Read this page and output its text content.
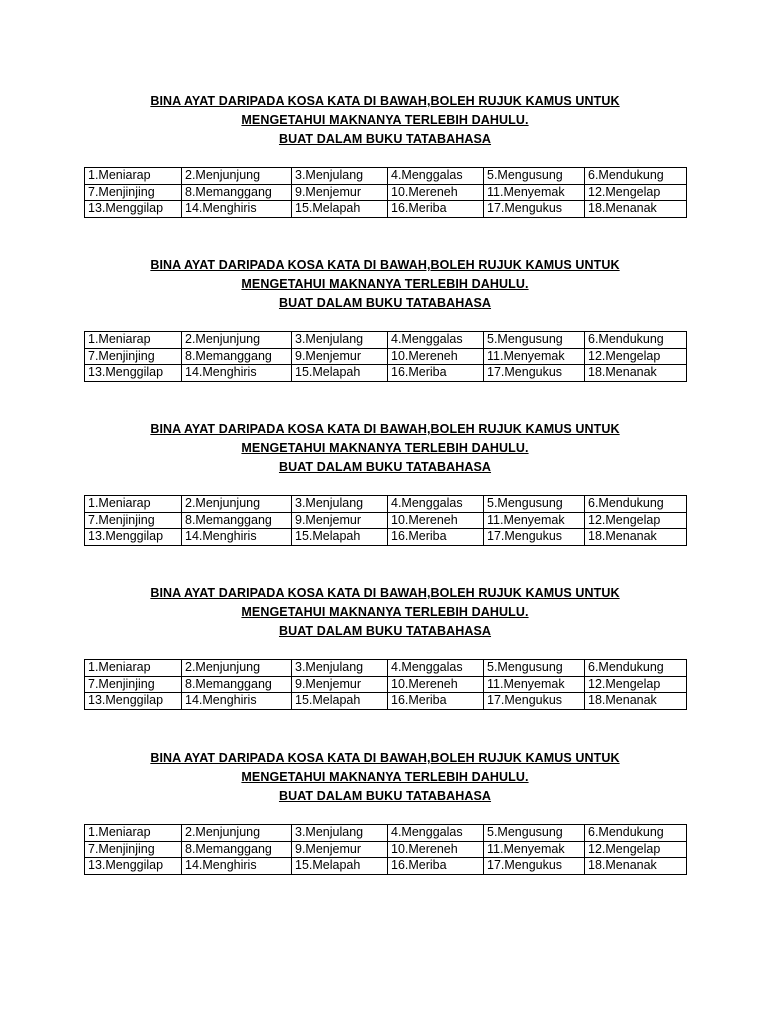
BINA AYAT DARIPADA KOSA KATA DI BAWAH,BOLEH RUJUK KAMUS UNTUK
MENGETAHUI MAKNANYA TERLEBIH DAHULU.
BUAT DALAM BUKU TATABAHASA
1.Meniarap	2.Menjunjung	3.Menjulang	4.Menggalas	5.Mengusung	6.Mendukung
7.Menjinjing	8.Memanggang	9.Menjemur	10.Mereneh	11.Menyemak	12.Mengelap
13.Menggilap	14.Menghiris	15.Melapah	16.Meriba	17.Mengukus	18.Menanak
BINA AYAT DARIPADA KOSA KATA DI BAWAH,BOLEH RUJUK KAMUS UNTUK
MENGETAHUI MAKNANYA TERLEBIH DAHULU.
BUAT DALAM BUKU TATABAHASA
1.Meniarap	2.Menjunjung	3.Menjulang	4.Menggalas	5.Mengusung	6.Mendukung
7.Menjinjing	8.Memanggang	9.Menjemur	10.Mereneh	11.Menyemak	12.Mengelap
13.Menggilap	14.Menghiris	15.Melapah	16.Meriba	17.Mengukus	18.Menanak
BINA AYAT DARIPADA KOSA KATA DI BAWAH,BOLEH RUJUK KAMUS UNTUK
MENGETAHUI MAKNANYA TERLEBIH DAHULU.
BUAT DALAM BUKU TATABAHASA
1.Meniarap	2.Menjunjung	3.Menjulang	4.Menggalas	5.Mengusung	6.Mendukung
7.Menjinjing	8.Memanggang	9.Menjemur	10.Mereneh	11.Menyemak	12.Mengelap
13.Menggilap	14.Menghiris	15.Melapah	16.Meriba	17.Mengukus	18.Menanak
BINA AYAT DARIPADA KOSA KATA DI BAWAH,BOLEH RUJUK KAMUS UNTUK
MENGETAHUI MAKNANYA TERLEBIH DAHULU.
BUAT DALAM BUKU TATABAHASA
1.Meniarap	2.Menjunjung	3.Menjulang	4.Menggalas	5.Mengusung	6.Mendukung
7.Menjinjing	8.Memanggang	9.Menjemur	10.Mereneh	11.Menyemak	12.Mengelap
13.Menggilap	14.Menghiris	15.Melapah	16.Meriba	17.Mengukus	18.Menanak
BINA AYAT DARIPADA KOSA KATA DI BAWAH,BOLEH RUJUK KAMUS UNTUK
MENGETAHUI MAKNANYA TERLEBIH DAHULU.
BUAT DALAM BUKU TATABAHASA
1.Meniarap	2.Menjunjung	3.Menjulang	4.Menggalas	5.Mengusung	6.Mendukung
7.Menjinjing	8.Memanggang	9.Menjemur	10.Mereneh	11.Menyemak	12.Mengelap
13.Menggilap	14.Menghiris	15.Melapah	16.Meriba	17.Mengukus	18.Menanak
